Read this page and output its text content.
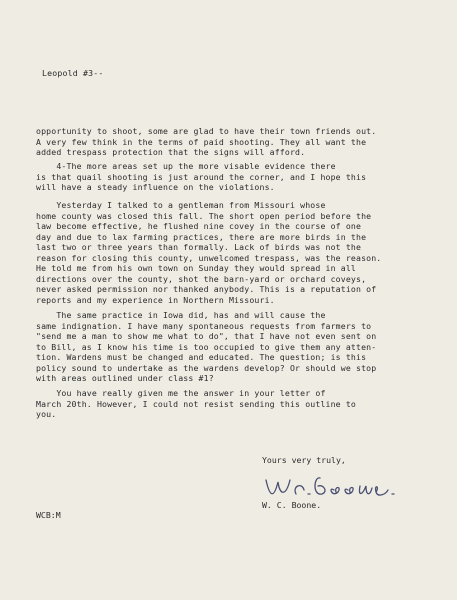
Leopold #3--
opportunity to shoot, some are glad to have their town friends out.
A very few think in the terms of paid shooting. They all want the
added trespass protection that the signs will afford.
4-The more areas set up the more visable evidence there
is that quail shooting is just around the corner, and I hope this
will have a steady influence on the violations.
Yesterday I talked to a gentleman from Missouri whose
home county was closed this fall. The short open period before the
law become effective, he flushed nine covey in the course of one
day and due to lax farming practices, there are more birds in the
last two or three years than formally. Lack of birds was not the
reason for closing this county, unwelcomed trespass, was the reason.
He told me from his own town on Sunday they would spread in all
directions over the county, shot the barn-yard or orchard coveys,
never asked permission nor thanked anybody. This is a reputation of
reports and my experience in Northern Missouri.
The same practice in Iowa did, has and will cause the
same indignation. I have many spontaneous requests from farmers to
"send me a man to show me what to do", that I have not even sent on
to Bill, as I know his time is too occupied to give them any atten-
tion. Wardens must be changed and educated. The question; is this
policy sound to undertake as the wardens develop? Or should we stop
with areas outlined under class #1?
You have really given me the answer in your letter of
March 20th. However, I could not resist sending this outline to
you.
Yours very truly,
W. C. Boone.
WCB:M
